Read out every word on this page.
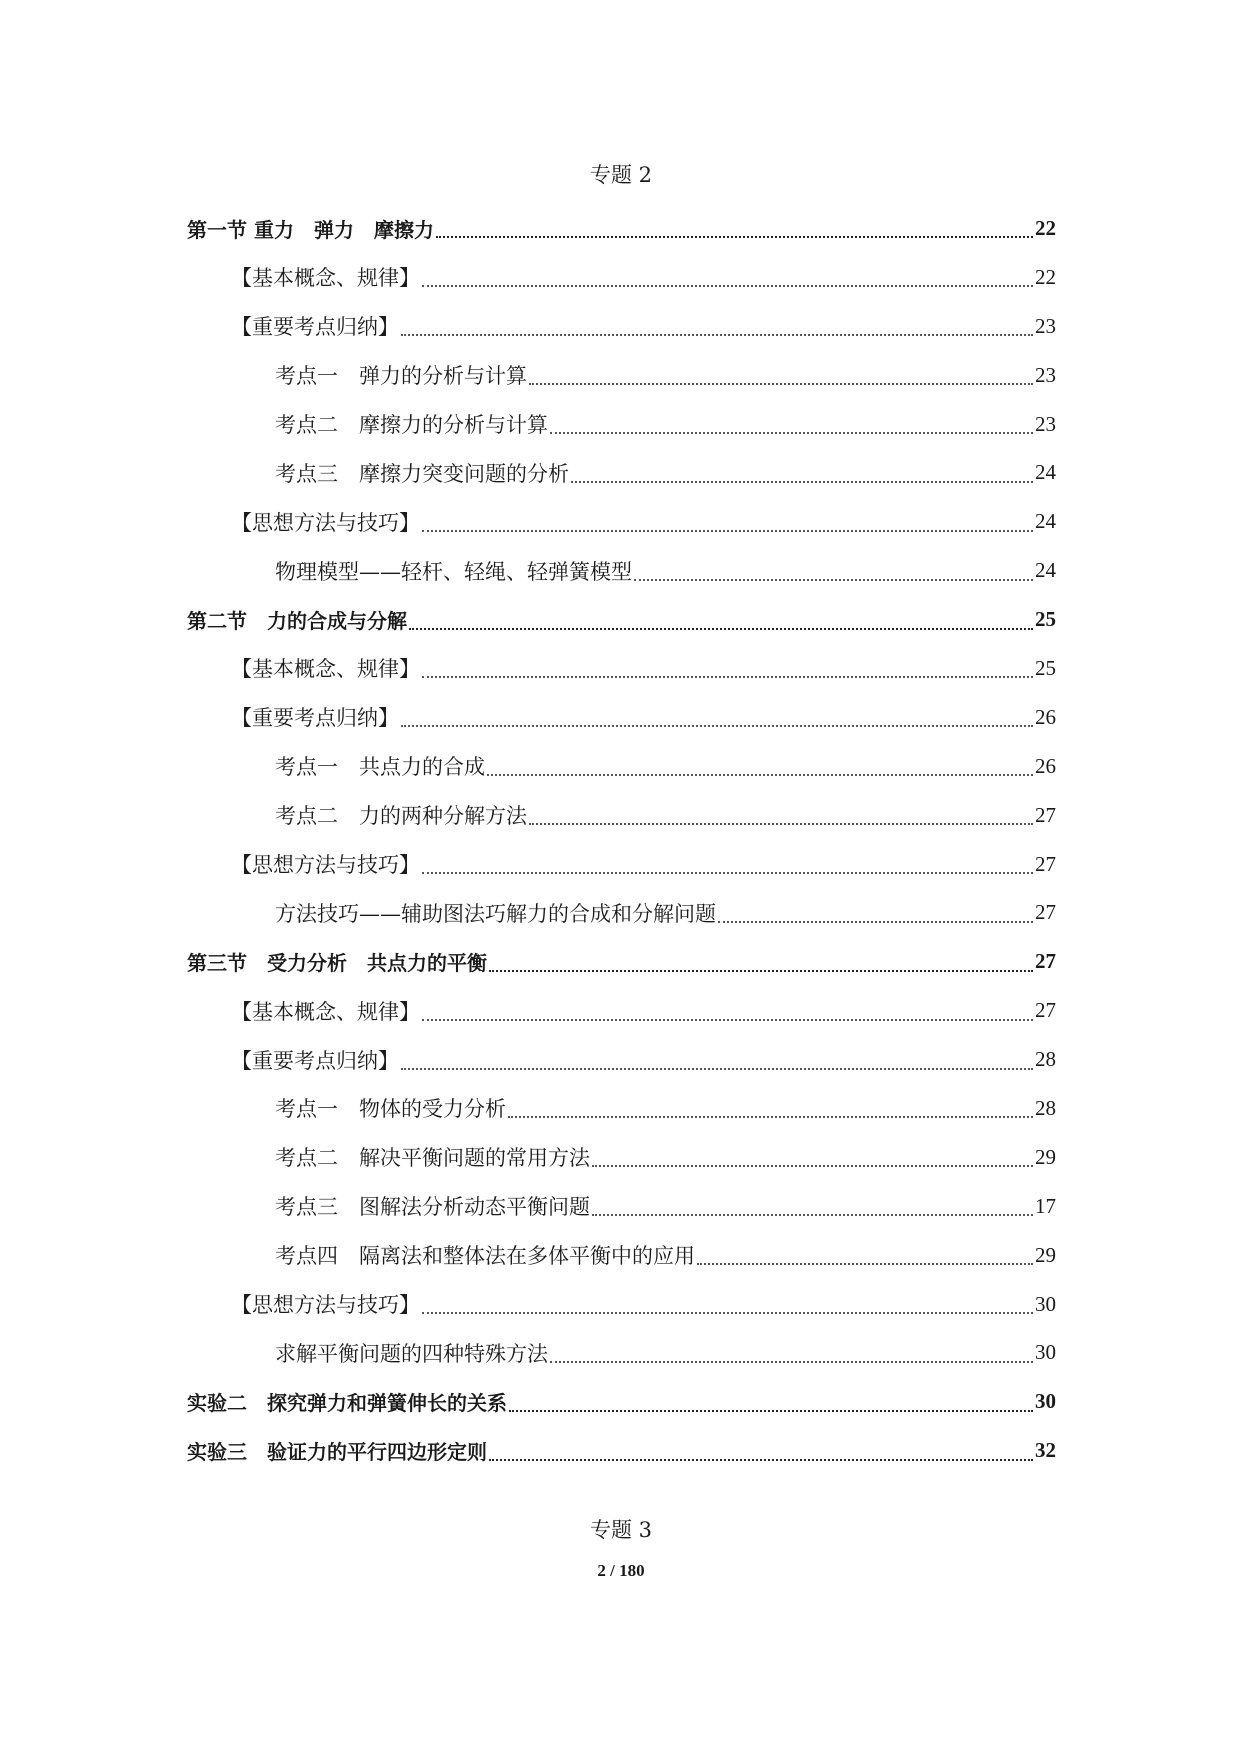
专题 2
第一节 重力　弹力　摩擦力	22
【基本概念、规律】	22
【重要考点归纳】	23
考点一　弹力的分析与计算	23
考点二　摩擦力的分析与计算	23
考点三　摩擦力突变问题的分析	24
【思想方法与技巧】	24
物理模型——轻杆、轻绳、轻弹簧模型	24
第二节　力的合成与分解	25
【基本概念、规律】	25
【重要考点归纳】	26
考点一　共点力的合成	26
考点二　力的两种分解方法	27
【思想方法与技巧】	27
方法技巧——辅助图法巧解力的合成和分解问题	27
第三节　受力分析　共点力的平衡	27
【基本概念、规律】	27
【重要考点归纳】	28
考点一　物体的受力分析	28
考点二　解决平衡问题的常用方法	29
考点三　图解法分析动态平衡问题	17
考点四　隔离法和整体法在多体平衡中的应用	29
【思想方法与技巧】	30
求解平衡问题的四种特殊方法	30
实验二　探究弹力和弹簧伸长的关系	30
实验三　验证力的平行四边形定则	32
专题 3
2 / 180
